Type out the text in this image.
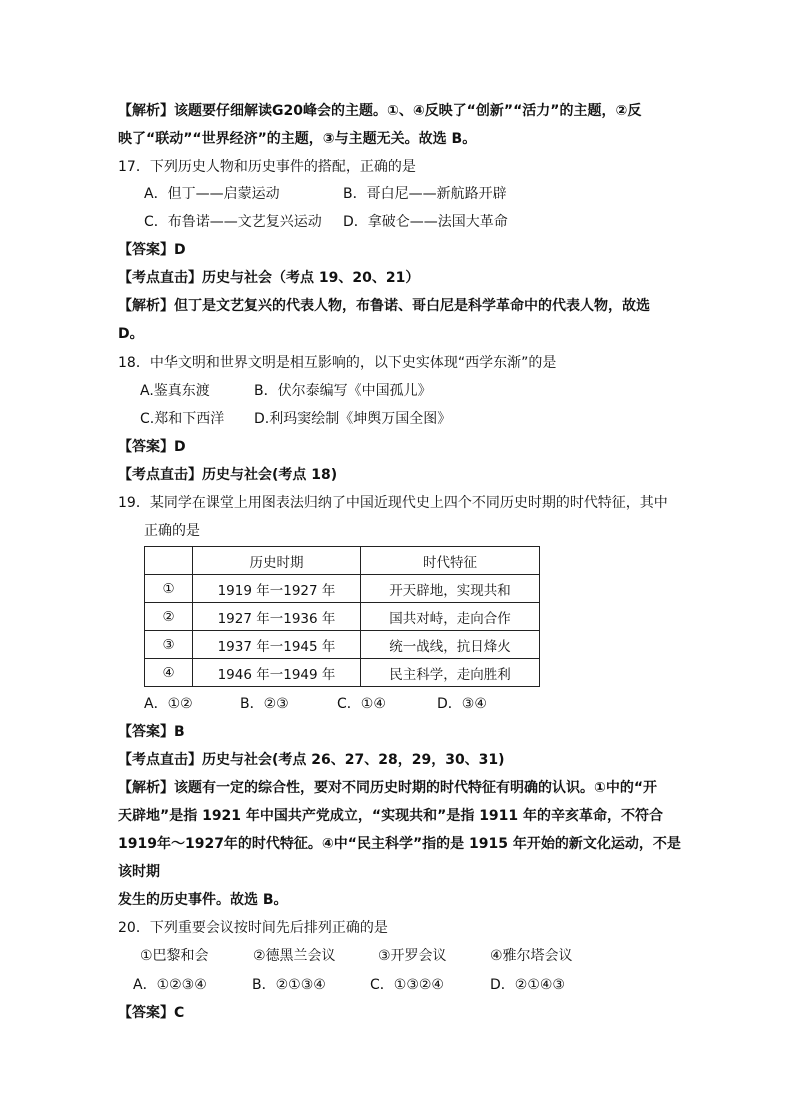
【解析】该题要仔细解读G20峰会的主题。①、④反映了“创新”“活力”的主题，②反
映了“联动”“世界经济”的主题，③与主题无关。故选 B。
17．下列历史人物和历史事件的搭配，正确的是
A．但丁——启蒙运动	B．哥白尼——新航路开辟
C．布鲁诺——文艺复兴运动 D．拿破仑——法国大革命
【答案】D
【考点直击】历史与社会（考点 19、20、21）
【解析】但丁是文艺复兴的代表人物，布鲁诺、哥白尼是科学革命中的代表人物，故选
D。
18．中华文明和世界文明是相互影响的，以下史实体现“西学东渐”的是
A.鉴真东渡	B．伏尔泰编写《中国孤儿》
C.郑和下西洋 D.利玛窦绘制《坤舆万国全图》
【答案】D
【考点直击】历史与社会(考点 18)
19．某同学在课堂上用图表法归纳了中国近现代史上四个不同历史时期的时代特征，其中
正确的是
	历史时期	时代特征
①	1919 年一1927 年	开天辟地，实现共和
②	1927 年一1936 年	国共对峙，走向合作
③	1937 年一1945 年	统一战线，抗日烽火
④	1946 年一1949 年	民主科学，走向胜利
A．①②	B．②③	C．①④	D．③④
【答案】B
【考点直击】历史与社会(考点 26、27、28，29，30、31)
【解析】该题有一定的综合性，要对不同历史时期的时代特征有明确的认识。①中的“开
天辟地”是指 1921 年中国共产党成立，“实现共和”是指 1911 年的辛亥革命，不符合
1919年～1927年的时代特征。④中“民主科学”指的是 1915 年开始的新文化运动，不是
该时期
发生的历史事件。故选 B。
20．下列重要会议按时间先后排列正确的是
①巴黎和会	②德黑兰会议	③开罗会议	④雅尔塔会议
A．①②③④	B．②①③④	C．①③②④	D．②①④③
【答案】C
